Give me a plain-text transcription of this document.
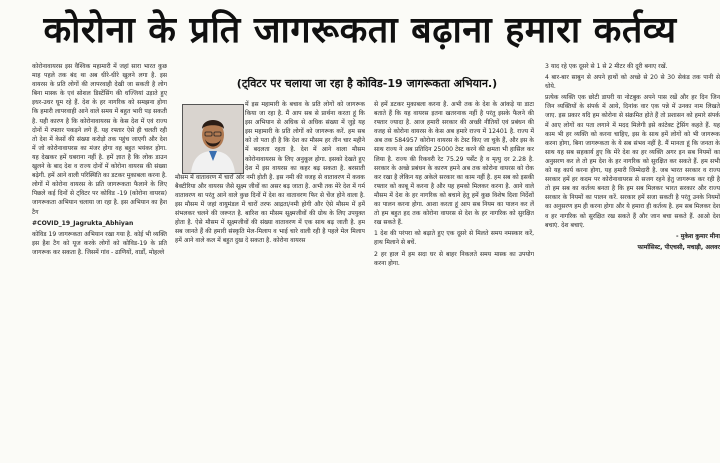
कोरोना के प्रति जागरूकता बढ़ाना हमारा कर्तव्य
(ट्विटर पर चलाया जा रहा है कोविड-19 जागरूकता अभियान.)

कोरोनावायरस इस वैश्विक महामारी में जहां सारा भारत कुछ माह पहले तक बंद था अब धीरे-धीरे खुलने लगा है. इस वायरस के प्रति लोगों की लापरवाही देखी जा सकती है लोग बिना मास्क के एवं सोशल डिस्टेंसिंग की धज्जियां उड़ाते हुए इधर-उधर घूम रहे हैं. देश के हर नागरिक को समझना होगा कि हमारी लापरवाही आने वाले समय में बहुत भारी पड़ सकती है. यही कारण है कि कोरोनावायरस के केस देश में एवं राज्य दोनों में रफ्तार पकड़ने लगे हैं. यह रफ्तार ऐसे ही चलती रही तो देश में केसों की संख्या करोड़ो तक पहुंच जाएगी और देश में जो कोरोनावायरस का मंजर होगा वह बहुत भयंकर होगा. यह देखकर हमें घबराना नहीं है. हमें ज्ञात है कि लोक डाउन खुलने के बाद देश व राज्य दोनों में कोरोना वायरस की संख्या बढ़ेगी. हमें आने वाली परिस्थिति का डटकर मुकाबला करना है. लोगों में कोरोना वायरस के प्रति जागरूकता फैलाने के लिए पिछले कई दिनों से ट्विटर पर कोविड -19 (कोरोना वायरस) जागरूकता अभियान चलाया जा रहा है. इस अभियान का हैश टैग

#COVID_19_Jagrukta_Abhiyan

कोविड 19 जागरूकता अभियान रखा गया है. कोई भी व्यक्ति इस हैश टैग को यूज करके लोगों को कोविड-19 के प्रति जागरूक कर सकता है. जिसमें गांव - ढाणियों, वार्डों, मोहल्ले

में इस महामारी के बचाव के प्रति लोगों को जागरूक किया जा रहा है. मैं आप सब से प्रार्थना करता हूं कि इस अभियान से अधिक से अधिक संख्या में जुड़े यह इस महामारी के प्रति लोगों को जागरूक करें. हम सब को तो पता ही है कि देश का मौसम हर तीन चार महीने में बदलता रहता है. देश में आने वाला मौसम कोरोनावायरस के लिए अनुकूल होगा. इसको देखते हुए देश में इस वायरस का कहर बढ़ सकता है. बरसाती मौसम में वातावरण में चारों ओर नमी होती है. इस नमी की वजह से वातावरण में कवक बैक्टीरिया और वायरस जैसे सूक्ष्म जीवों का असर बढ़ जाता है. अभी तक मेरे देश में गर्म वातावरण था परंतु आने वाले कुछ दिनों में देश का वातावरण फिर से चेंज होने वाला है. इस मौसम में जहां वायुमंडल में चारों तरफ आद्रता/नमी होगी और ऐसे मौसम में हमें संभलकर चलने की जरूरत है. बारिश का मौसम सूक्ष्मजीवों की ग्रोथ के लिए उपयुक्त होता है. ऐसे मौसम में सूक्ष्मजीवों की संख्या वातावरण में एक साथ बढ़ जाती है. हम सब जानते हैं की हमारी संस्कृति मेल-मिलाप व भाई चारे वाली रही है पहले मेल मिलाप हमें आने वाले कल में बहुत दुख दे सकता है. कोरोना वायरस

से हमें डटकर मुकाबला करना है. अभी तक के देश के आंकड़े या डाटा बताते हैं कि यह वायरस इतना खतरनाक नहीं है परंतु इसके फैलने की रफ्तार ज्यादा है. आज हमारी सरकार की अच्छी नीतियों एवं प्रबंधन की वजह से कोरोना वायरस के केस अब हमारे राज्य में 12401 है. राज्य में अब तक 584957 कोरोना वायरस के टेस्ट किए जा चुके हैं, और इस के साथ राज्य ने अब प्रतिदिन 25000 टेस्ट करने की क्षमता भी हासिल कर लिया है. राज्य की रिकवरी रेट 75.29 पर्सेंट है व मृत्यु दर 2.28 है. सरकार के अच्छे प्रबंधन के कारण हमने अब तक कोरोना वायरस को रोक कर रखा है लेकिन यह अकेले सरकार का काम नहीं है. हम सब को इसकी रफ्तार को काबू में करना है और यह हमको मिलकर करना है. आने वाले मौसम में देश के हर नागरिक को बचाने हेतु हमें कुछ विशेष दिशा निर्देशों का पालन करना होगा. आशा करता हूं आप सब नियम का पालन कर लें तो हम बहुत हद तक कोरोना वायरस से देश के हर नागरिक को सुरक्षित रख सकते हैं.

1 देश की परंपरा को बढ़ाते हुए एक दूसरे से मिलते समय नमस्कार करें, हाथ मिलाने से बचें.

2 हर हाल में हम सदा घर से बाहर निकलते समय मास्क का उपयोग करना होगा.

3 याद रहे एक दूसरे से 1 से 2 मीटर की दूरी बनाए रखें.

4 बार-बार साबुन से अपने हाथों को अच्छे से 20 से 30 सेकंड तक पानी से धोये.

प्रत्येक व्यक्ति एक छोटी डायरी या नोटबुक अपने पास रखें और हर दिन जिन जिन व्यक्तियों के संपर्क में आये, दिनांक वार एक पन्ने में उनका नाम लिखते जाए. इस प्रकार यदि हम कोरोना से संक्रमित होते हैं तो प्रशासन को हमारे संपर्क में आए लोगों का पता लगाने में मदद मिलेगी इसे कांटेक्ट ट्रेसिंग कहते हैं. यह काम भी हर व्यक्ति को करना चाहिए, इस के साथ हमें लोगों को भी जागरूक करना होगा, बिना जागरूकता के ये सब संभव नहीं है. मैं मानता हूं कि जनता के साथ यह सब सहकार्य हुए कि मेरे देश का हर व्यक्ति अगर इन सब नियमों का अनुसरण कर ले तो हम देश के हर नागरिक को सुरक्षित कर सकते हैं. हम सभी को यह कार्य करना होगा, यह हमारी जिम्मेदारी है. जब भारत सरकार व राज्य सरकार हमें हर कदम पर कोरोनावायरस से सजग रहने हेतु जागरूक कर रही है तो हम सब का कर्तव्य बनता है कि हम सब मिलकर भारत सरकार और राज्य सरकार के नियमों का पालन करें. सरकार हमें सजा सकती है परंतु उनके नियमों का अनुसरण हम ही करना होगा और ये हमारा ही कर्तव्य है. हम सब मिलकर देश व हर नागरिक को सुरक्षित रख सकते हैं और जान बचा सकते हैं. आओ देश बचाएं. देश बचाएं.

- मुकेश कुमार मीना

फार्मासिस्ट, पीएचसी, मचाड़ी, अलवर
